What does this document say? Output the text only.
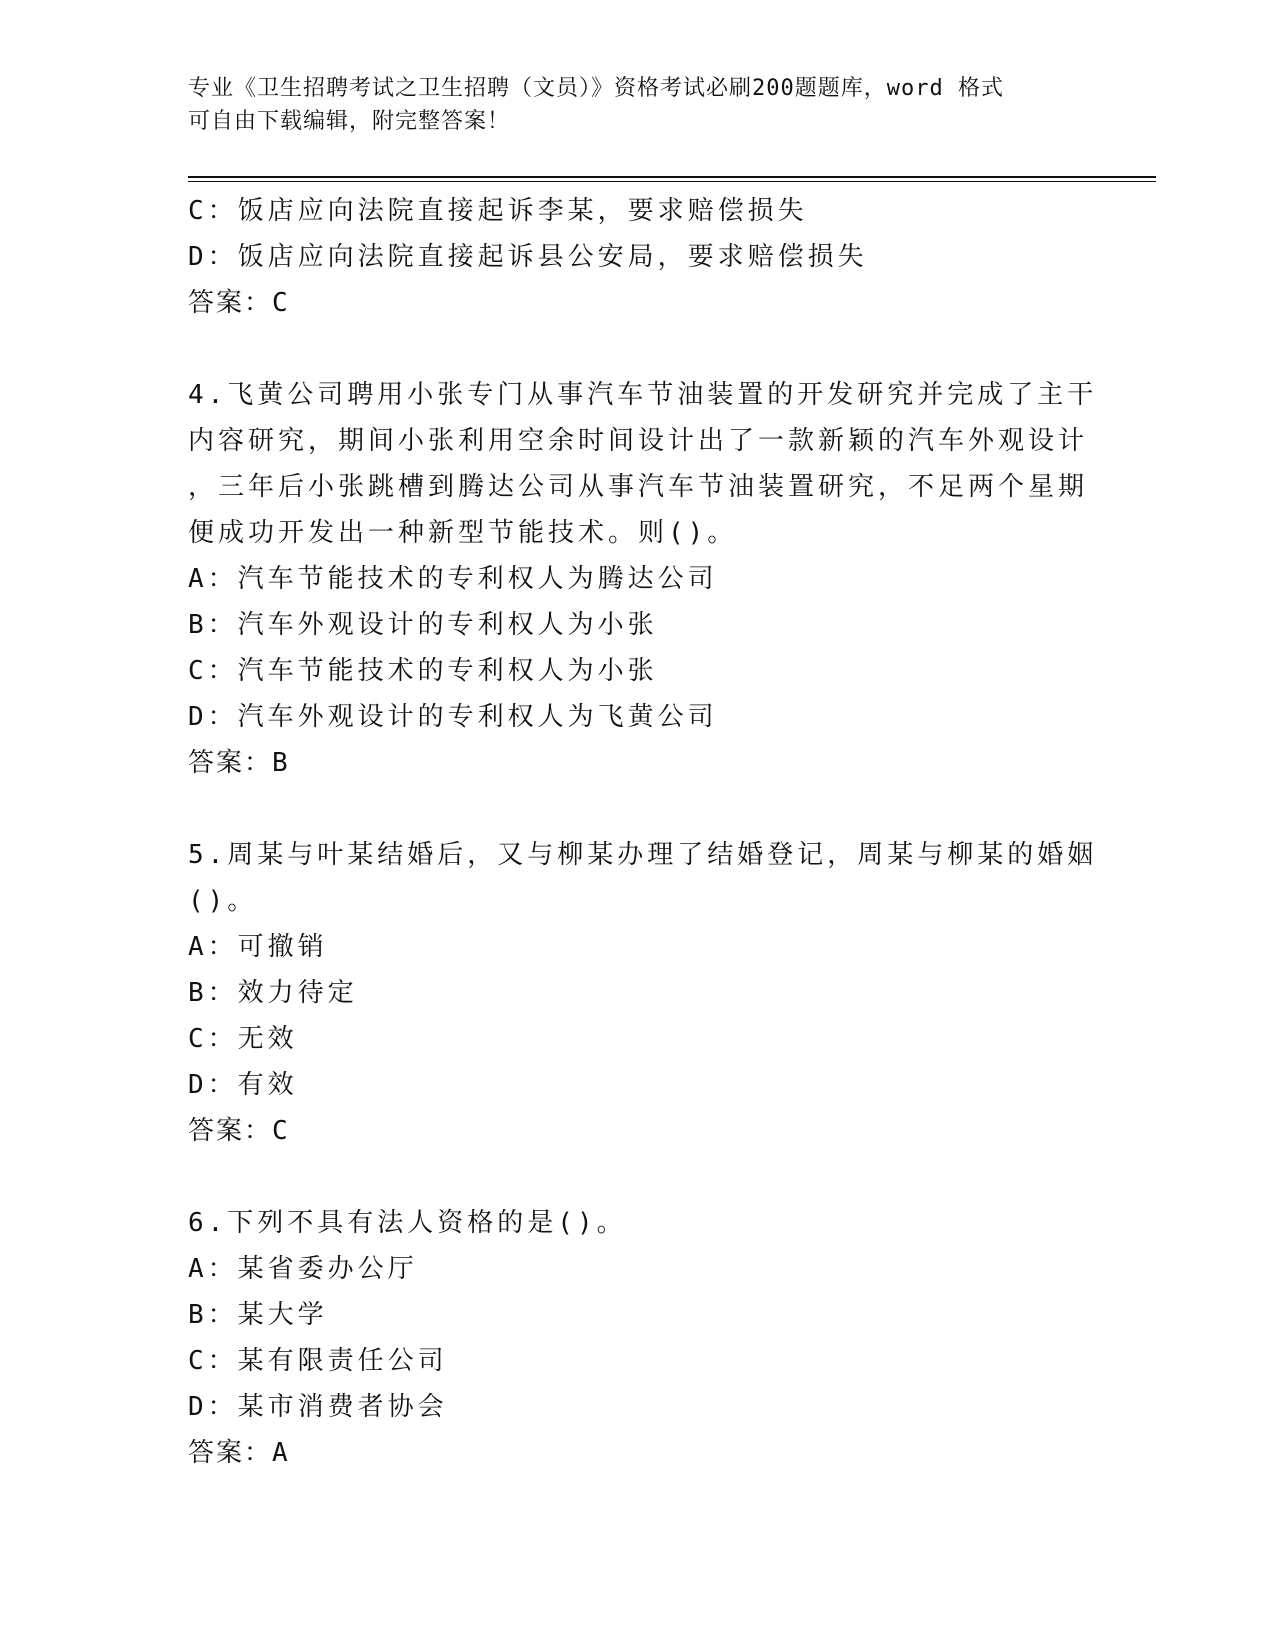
专业《卫生招聘考试之卫生招聘（文员）》资格考试必刷200题题库，word 格式
可自由下载编辑，附完整答案！
C：饭店应向法院直接起诉李某，要求赔偿损失
D：饭店应向法院直接起诉县公安局，要求赔偿损失
答案：C
4.飞黄公司聘用小张专门从事汽车节油装置的开发研究并完成了主干
内容研究，期间小张利用空余时间设计出了一款新颖的汽车外观设计
，三年后小张跳槽到腾达公司从事汽车节油装置研究，不足两个星期
便成功开发出一种新型节能技术。则()。
A：汽车节能技术的专利权人为腾达公司
B：汽车外观设计的专利权人为小张
C：汽车节能技术的专利权人为小张
D：汽车外观设计的专利权人为飞黄公司
答案：B
5.周某与叶某结婚后，又与柳某办理了结婚登记，周某与柳某的婚姻
()。
A：可撤销
B：效力待定
C：无效
D：有效
答案：C
6.下列不具有法人资格的是()。
A：某省委办公厅
B：某大学
C：某有限责任公司
D：某市消费者协会
答案：A
